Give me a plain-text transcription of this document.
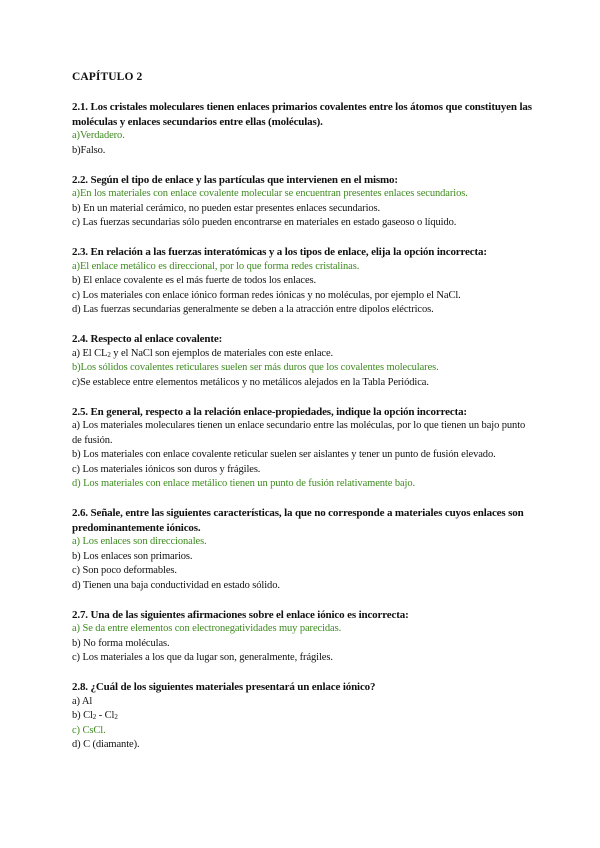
CAPÍTULO 2
2.1. Los cristales moleculares tienen enlaces primarios covalentes entre los átomos que constituyen las moléculas y enlaces secundarios entre ellas (moléculas).
a)Verdadero.
b)Falso.
2.2. Según el tipo de enlace y las partículas que intervienen en el mismo:
a)En los materiales con enlace covalente molecular se encuentran presentes enlaces secundarios.
b) En un material cerámico, no pueden estar presentes enlaces secundarios.
c) Las fuerzas secundarias sólo pueden encontrarse en materiales en estado gaseoso o líquido.
2.3. En relación a las fuerzas interatómicas y a los tipos de enlace, elija la opción incorrecta:
a)El enlace metálico es direccional, por lo que forma redes cristalinas.
b) El enlace covalente es el más fuerte de todos los enlaces.
c) Los materiales con enlace iónico forman redes iónicas y no moléculas, por ejemplo el NaCl.
d) Las fuerzas secundarias generalmente se deben a la atracción entre dipolos eléctricos.
2.4. Respecto al enlace covalente:
a) El $CL_2$ y el NaCl son ejemplos de materiales con este enlace.
b)Los sólidos covalentes reticulares suelen ser más duros que los covalentes moleculares.
c)Se establece entre elementos metálicos y no metálicos alejados en la Tabla Periódica.
2.5. En general, respecto a la relación enlace-propiedades, indique la opción incorrecta:
a) Los materiales moleculares tienen un enlace secundario entre las moléculas, por lo que tienen un bajo punto de fusión.
b) Los materiales con enlace covalente reticular suelen ser aislantes y tener un punto de fusión elevado.
c) Los materiales iónicos son duros y frágiles.
d) Los materiales con enlace metálico tienen un punto de fusión relativamente bajo.
2.6. Señale, entre las siguientes características, la que no corresponde a materiales cuyos enlaces son predominantemente iónicos.
a) Los enlaces son direccionales.
b) Los enlaces son primarios.
c) Son poco deformables.
d) Tienen una baja conductividad en estado sólido.
2.7. Una de las siguientes afirmaciones sobre el enlace iónico es incorrecta:
a) Se da entre elementos con electronegatividades muy parecidas.
b) No forma moléculas.
c) Los materiales a los que da lugar son, generalmente, frágiles.
2.8. ¿Cuál de los siguientes materiales presentará un enlace iónico?
a) Al
b) $Cl_2 - Cl_2$
c) CsCl.
d) C (diamante).
